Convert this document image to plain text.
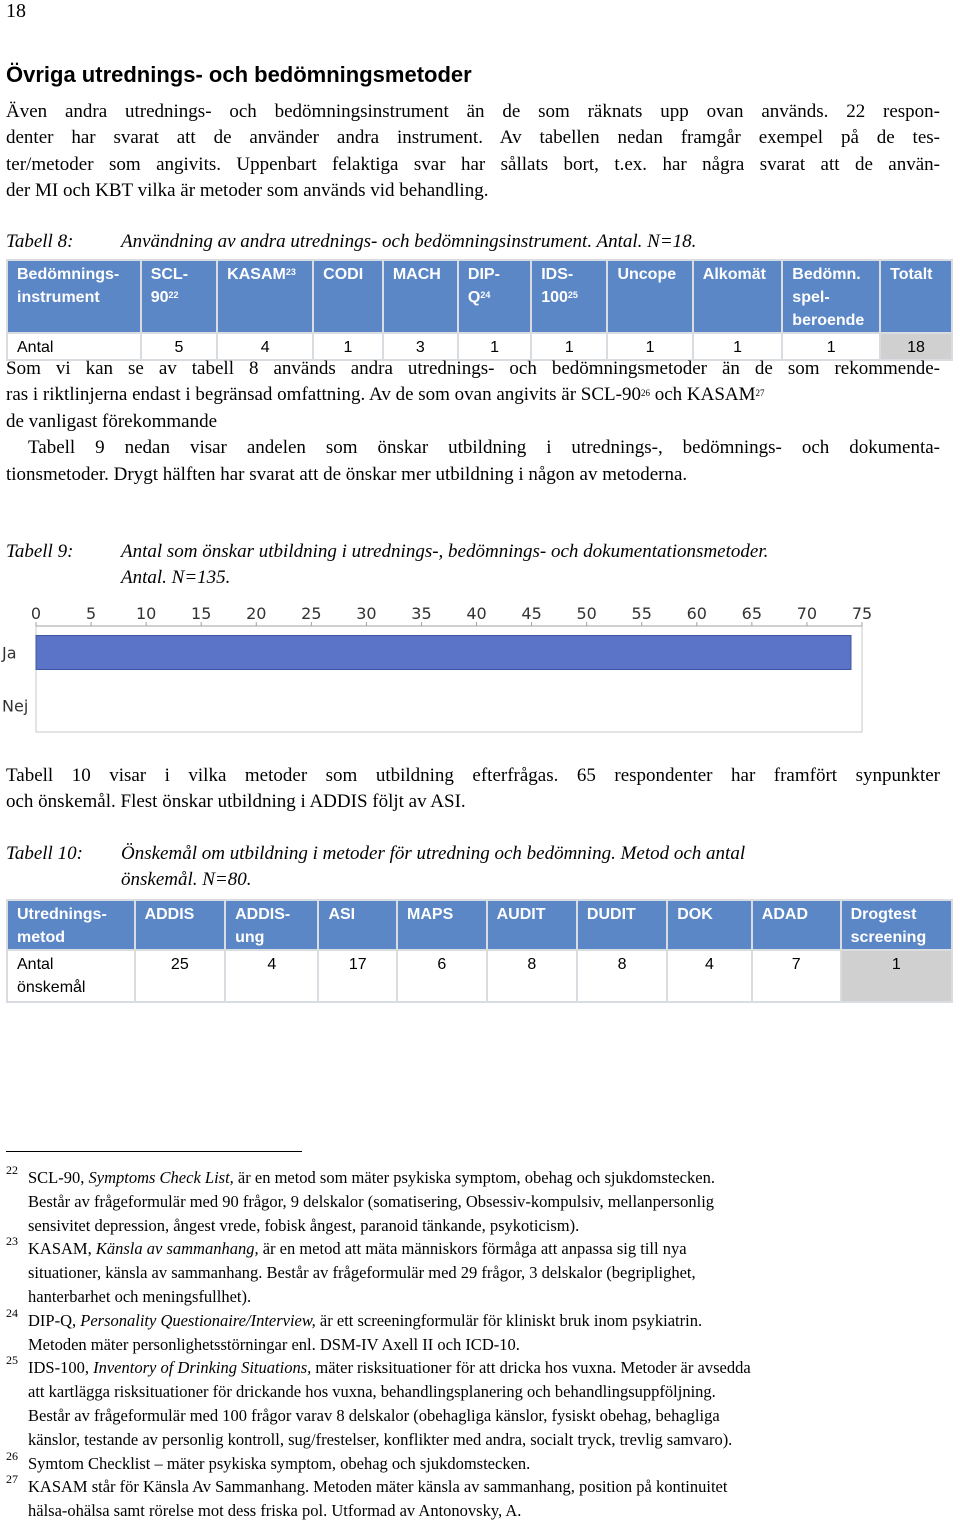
18
Övriga utrednings- och bedömningsmetoder
Även andra utrednings- och bedömningsinstrument än de som räknats upp ovan används. 22 respon-
denter har svarat att de använder andra instrument. Av tabellen nedan framgår exempel på de tes-
ter/metoder som angivits. Uppenbart felaktiga svar har sållats bort, t.ex. har några svarat att de använ-
der MI och KBT vilka är metoder som används vid behandling.
Tabell 8:	Användning av andra utrednings- och bedömningsinstrument. Antal. N=18.
Bedömnings-
instrument	SCL-
$90^{22}$	KASAM$^{23}$	CODI	MACH	DIP-
$Q^{24}$	IDS-
$100^{25}$	Uncope	Alkomät	Bedömn.
spel-
beroende	Totalt
Antal	5	4	1	3	1	1	1	1	1	18
Som vi kan se av tabell 8 används andra utrednings- och bedömningsmetoder än de som rekommende-
ras i riktlinjerna endast i begränsad omfattning. Av de som ovan angivits är SCL-$90^{26}$ och KASAM$^{27}$
de vanligast förekommande
Tabell 9 nedan visar andelen som önskar utbildning i utrednings-, bedömnings- och dokumenta-
tionsmetoder. Drygt hälften har svarat att de önskar mer utbildning i någon av metoderna.
Tabell 9:	Antal som önskar utbildning i utrednings-, bedömnings- och dokumentationsmetoder.
Antal. N=135.
0	5 10 15 20 25 30 35 40 45 50 55 60 65 70 75
Ja
Nej
Tabell 10 visar i vilka metoder som utbildning efterfrågas. 65 respondenter har framfört synpunkter
och önskemål. Flest önskar utbildning i ADDIS följt av ASI.
Tabell 10: Önskemål om utbildning i metoder för utredning och bedömning. Metod och antal
önskemål. N=80.
Utrednings-
metod	ADDIS	ADDIS-
ung	ASI	MAPS	AUDIT	DUDIT	DOK	ADAD	Drogtest
screening
Antal
önskemål	25	4	17	6	8	8	4	7	1
22 SCL-90, Symptoms Check List, är en metod som mäter psykiska symptom, obehag och sjukdomstecken.
Består av frågeformulär med 90 frågor, 9 delskalor (somatisering, Obsessiv-kompulsiv, mellanpersonlig
sensivitet depression, ångest vrede, fobisk ångest, paranoid tänkande, psykoticism).
23 KASAM, Känsla av sammanhang, är en metod att mäta människors förmåga att anpassa sig till nya
situationer, känsla av sammanhang. Består av frågeformulär med 29 frågor, 3 delskalor (begriplighet,
hanterbarhet och meningsfullhet).
24 DIP-Q, Personality Questionaire/Interview, är ett screeningformulär för kliniskt bruk inom psykiatrin.
Metoden mäter personlighetsstörningar enl. DSM-IV Axell II och ICD-10.
25 IDS-100, Inventory of Drinking Situations, mäter risksituationer för att dricka hos vuxna. Metoder är avsedda
att kartlägga risksituationer för drickande hos vuxna, behandlingsplanering och behandlingsuppföljning.
Består av frågeformulär med 100 frågor varav 8 delskalor (obehagliga känslor, fysiskt obehag, behagliga
känslor, testande av personlig kontroll, sug/frestelser, konflikter med andra, socialt tryck, trevlig samvaro).
26 Symtom Checklist – mäter psykiska symptom, obehag och sjukdomstecken.
27 KASAM står för Känsla Av Sammanhang. Metoden mäter känsla av sammanhang, position på kontinuitet
hälsa-ohälsa samt rörelse mot dess friska pol. Utformad av Antonovsky, A.
